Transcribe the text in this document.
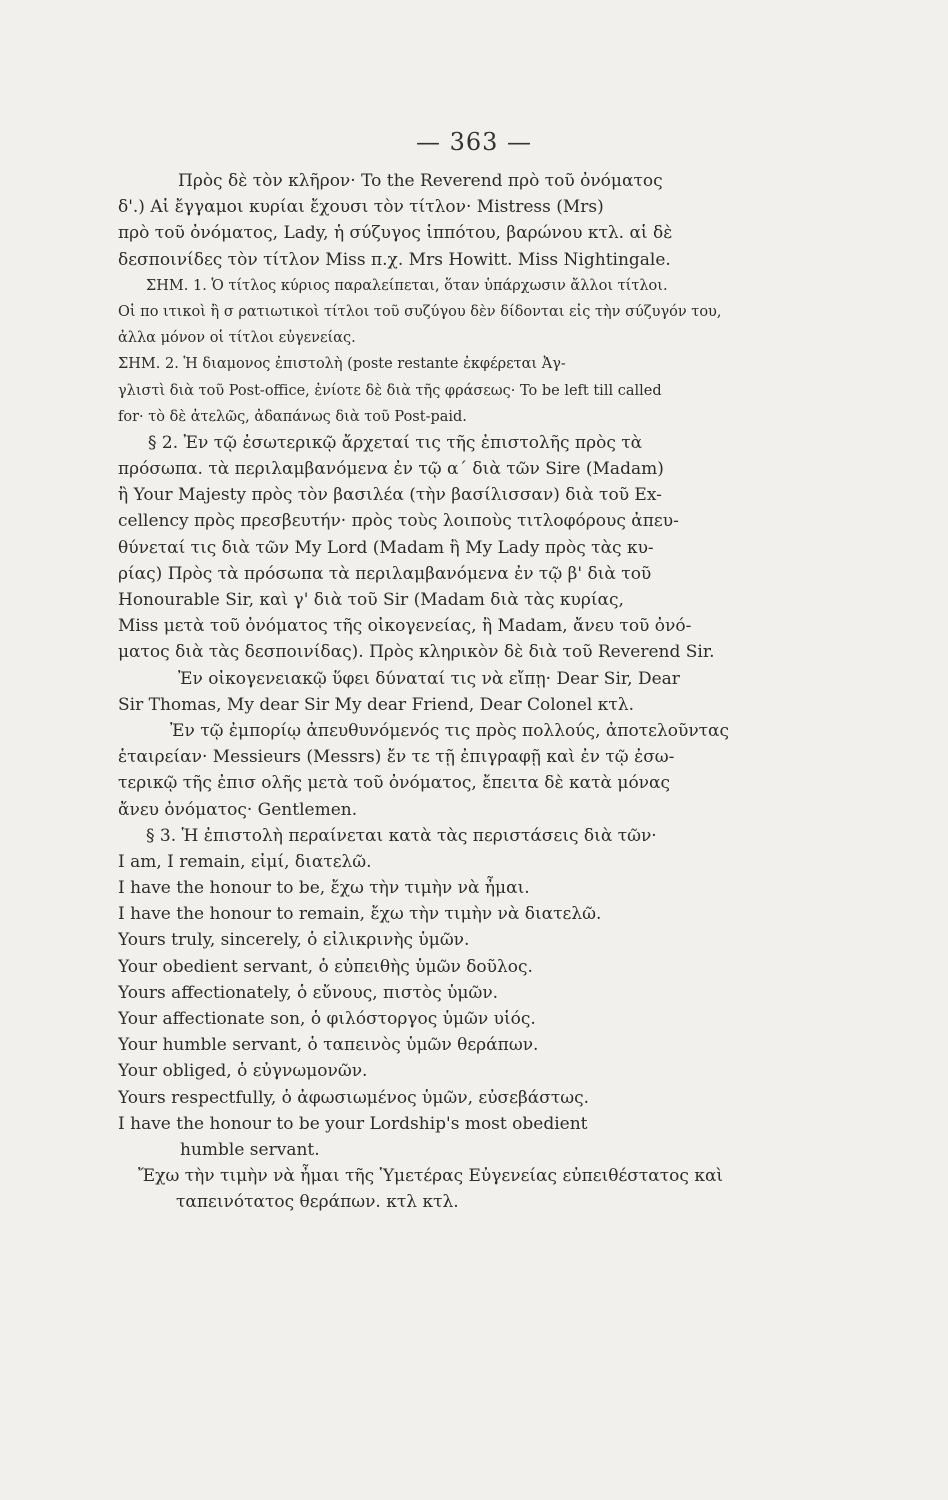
— 363 —
Πρὸς δὲ τὸν κλῆρον· To the Reverend πρὸ τοῦ ὀνόματος
δ'.) Αἱ ἔγγαμοι κυρίαι ἔχουσι τὸν τίτλον· Mistress (Mrs)
πρὸ τοῦ ὀνόματος, Lady, ἡ σύζυγος ἱππότου, βαρώνου κτλ. αἱ δὲ
δεσποινίδες τὸν τίτλον Miss π.χ. Mrs Howitt. Miss Nightingale.
ΣΗΜ. 1. Ὁ τίτλος κύριος παραλείπεται, ὅταν ὑπάρχωσιν ἄλλοι τίτλοι.
Οἱ πο ιτικοὶ ἢ σ ρατιωτικοὶ τίτλοι τοῦ συζύγου δὲν δίδονται εἰς τὴν σύζυγόν του,
ἀλλα μόνον οἱ τίτλοι εὐγενείας.
ΣΗΜ. 2. Ἡ διαμονος ἐπιστολὴ (poste restante ἐκφέρεται Ἀγ-
γλιστὶ διὰ τοῦ Post-office, ἐνίοτε δὲ διὰ τῆς φράσεως· To be left till called
for· τὸ δὲ ἀτελῶς, ἀδαπάνως διὰ τοῦ Post-paid.
§ 2. Ἐν τῷ ἐσωτερικῷ ἄρχεταί τις τῆς ἐπιστολῆς πρὸς τὰ
πρόσωπα. τὰ περιλαμβανόμενα ἐν τῷ α΄ διὰ τῶν Sire (Madam)
ἢ Your Majesty πρὸς τὸν βασιλέα (τὴν βασίλισσαν) διὰ τοῦ Ex-
cellency πρὸς πρεσβευτήν· πρὸς τοὺς λοιποὺς τιτλοφόρους ἀπευ-
θύνεταί τις διὰ τῶν My Lord (Madam ἢ My Lady πρὸς τὰς κυ-
ρίας) Πρὸς τὰ πρόσωπα τὰ περιλαμβανόμενα ἐν τῷ β' διὰ τοῦ
Honourable Sir, καὶ γ' διὰ τοῦ Sir (Madam διὰ τὰς κυρίας,
Miss μετὰ τοῦ ὀνόματος τῆς οἰκογενείας, ἢ Madam, ἄνευ τοῦ ὀνό-
ματος διὰ τὰς δεσποινίδας). Πρὸς κληρικὸν δὲ διὰ τοῦ Reverend Sir.
Ἐν οἰκογενειακῷ ὕφει δύναταί τις νὰ εἴπῃ· Dear Sir, Dear
Sir Thomas, My dear Sir My dear Friend, Dear Colonel κτλ.
Ἐν τῷ ἐμπορίῳ ἀπευθυνόμενός τις πρὸς πολλούς, ἀποτελοῦντας
ἑταιρείαν· Messieurs (Messrs) ἔν τε τῇ ἐπιγραφῇ καὶ ἐν τῷ ἐσω-
τερικῷ τῆς ἐπισ ολῆς μετὰ τοῦ ὀνόματος, ἔπειτα δὲ κατὰ μόνας
ἄνευ ὀνόματος· Gentlemen.
§ 3. Ἡ ἐπιστολὴ περαίνεται κατὰ τὰς περιστάσεις διὰ τῶν·
I am, I remain, εἰμί, διατελῶ.
I have the honour to be, ἔχω τὴν τιμὴν νὰ ἦμαι.
I have the honour to remain, ἔχω τὴν τιμὴν νὰ διατελῶ.
Yours truly, sincerely, ὁ εἰλικρινὴς ὑμῶν.
Your obedient servant, ὁ εὐπειθὴς ὑμῶν δοῦλος.
Yours affectionately, ὁ εὔνους, πιστὸς ὑμῶν.
Your affectionate son, ὁ φιλόστοργος ὑμῶν υἱός.
Your humble servant, ὁ ταπεινὸς ὑμῶν θεράπων.
Your obliged, ὁ εὐγνωμονῶν.
Yours respectfully, ὁ ἀφωσιωμένος ὑμῶν, εὐσεβάστως.
I have the honour to be your Lordship's most obedient
humble servant.
Ἔχω τὴν τιμὴν νὰ ἦμαι τῆς Ὑμετέρας Εὐγενείας εὐπειθέστατος καὶ
ταπεινότατος θεράπων. κτλ κτλ.
